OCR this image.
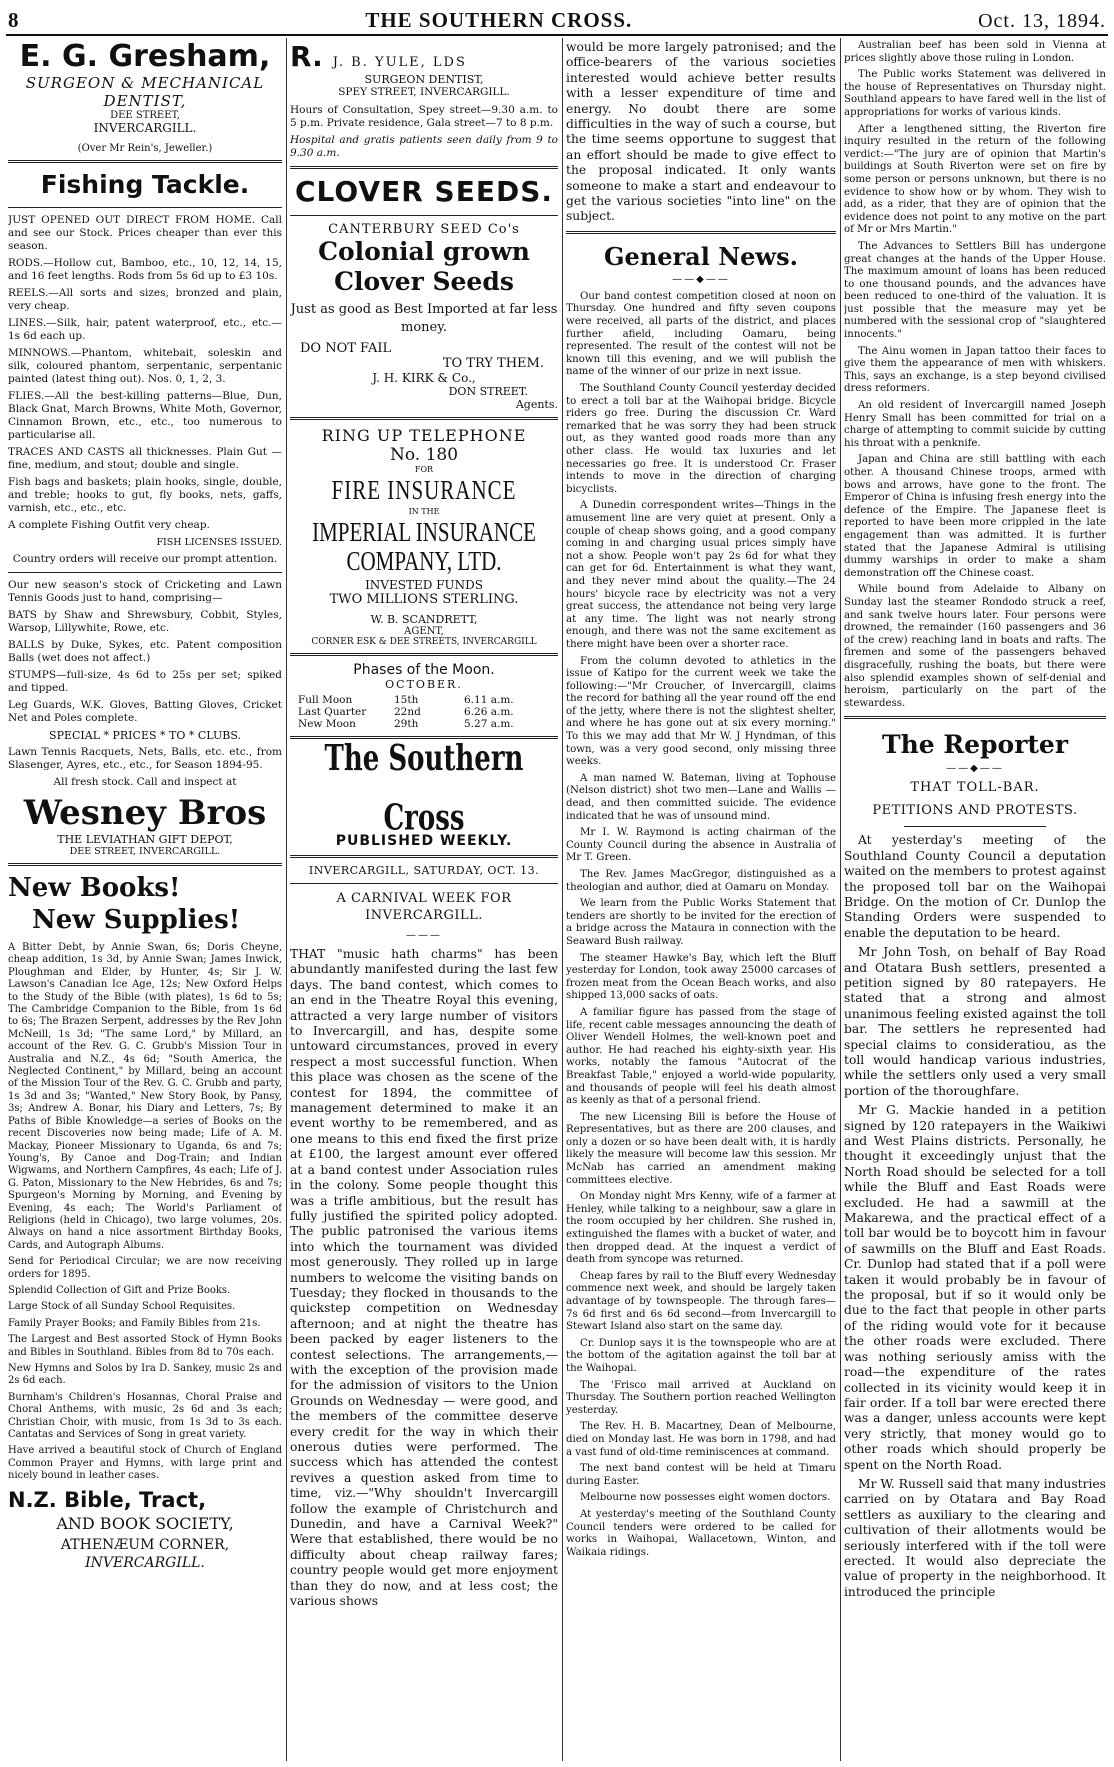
8	THE SOUTHERN CROSS.	Oct. 13, 1894.
E. G. Gresham,
SURGEON & MECHANICAL
DENTIST,
DEE STREET,
INVERCARGILL.
(Over Mr Rein's, Jeweller.)
Fishing Tackle.

JUST OPENED OUT DIRECT FROM HOME. Call and see our Stock. Prices cheaper than ever this season.

RODS.—Hollow cut, Bamboo, etc., 10, 12, 14, 15, and 16 feet lengths. Rods from 5s 6d up to £3 10s.

REELS.—All sorts and sizes, bronzed and plain, very cheap.

LINES.—Silk, hair, patent waterproof, etc., etc.—1s 6d each up.

MINNOWS.—Phantom, whitebait, soleskin and silk, coloured phantom, serpentanic, serpentanic painted (latest thing out). Nos. 0, 1, 2, 3.

FLIES.—All the best-killing patterns—Blue, Dun, Black Gnat, March Browns, White Moth, Governor, Cinnamon Brown, etc., etc., too numerous to particularise all.

TRACES AND CASTS all thicknesses. Plain Gut — fine, medium, and stout; double and single.

Fish bags and baskets; plain hooks, single, double, and treble; hooks to gut, fly books, nets, gaffs, varnish, etc., etc., etc.

A complete Fishing Outfit very cheap.

FISH LICENSES ISSUED.

Country orders will receive our prompt attention.

Our new season's stock of Cricketing and Lawn Tennis Goods just to hand, comprising—

BATS by Shaw and Shrewsbury, Cobbit, Styles, Warsop, Lillywhite, Rowe, etc.

BALLS by Duke, Sykes, etc. Patent composition Balls (wet does not affect.)

STUMPS—full-size, 4s 6d to 25s per set; spiked and tipped.

Leg Guards, W.K. Gloves, Batting Gloves, Cricket Net and Poles complete.

SPECIAL * PRICES * TO * CLUBS.

Lawn Tennis Racquets, Nets, Balls, etc. etc., from Slasenger, Ayres, etc., etc., for Season 1894-95.

All fresh stock. Call and inspect at

Wesney Bros
THE LEVIATHAN GIFT DEPOT,
DEE STREET, INVERCARGILL.
New Books!
New Supplies!

A Bitter Debt, by Annie Swan, 6s; Doris Cheyne, cheap addition, 1s 3d, by Annie Swan; James Inwick, Ploughman and Elder, by Hunter, 4s; Sir J. W. Lawson's Canadian Ice Age, 12s; New Oxford Helps to the Study of the Bible (with plates), 1s 6d to 5s; The Cambridge Companion to the Bible, from 1s 6d to 6s; The Brazen Serpent, addresses by the Rev John McNeill, 1s 3d; "The same Lord," by Millard, an account of the Rev. G. C. Grubb's Mission Tour in Australia and N.Z., 4s 6d; "South America, the Neglected Continent," by Millard, being an account of the Mission Tour of the Rev. G. C. Grubb and party, 1s 3d and 3s; "Wanted," New Story Book, by Pansy, 3s; Andrew A. Bonar, his Diary and Letters, 7s; By Paths of Bible Knowledge—a series of Books on the recent Discoveries now being made; Life of A. M. Mackay, Pioneer Missionary to Uganda, 6s and 7s; Young's, By Canoe and Dog-Train; and Indian Wigwams, and Northern Campfires, 4s each; Life of J. G. Paton, Missionary to the New Hebrides, 6s and 7s; Spurgeon's Morning by Morning, and Evening by Evening, 4s each; The World's Parliament of Religions (held in Chicago), two large volumes, 20s. Always on hand a nice assortment Birthday Books, Cards, and Autograph Albums.

Send for Periodical Circular; we are now receiving orders for 1895.

Splendid Collection of Gift and Prize Books.

Large Stock of all Sunday School Requisites.

Family Prayer Books; and Family Bibles from 21s.

The Largest and Best assorted Stock of Hymn Books and Bibles in Southland. Bibles from 8d to 70s each.

New Hymns and Solos by Ira D. Sankey, music 2s and 2s 6d each.

Burnham's Children's Hosannas, Choral Praise and Choral Anthems, with music, 2s 6d and 3s each; Christian Choir, with music, from 1s 3d to 3s each. Cantatas and Services of Song in great variety.

Have arrived a beautiful stock of Church of England Common Prayer and Hymns, with large print and nicely bound in leather cases.

N.Z. Bible, Tract,
AND BOOK SOCIETY,
ATHENÆUM CORNER,
INVERCARGILL.
R. J. B. YULE, LDS
SURGEON DENTIST,
SPEY STREET, INVERCARGILL.

Hours of Consultation, Spey street—9.30 a.m. to 5 p.m. Private residence, Gala street—7 to 8 p.m.

Hospital and gratis patients seen daily from 9 to 9.30 a.m.

CLOVER SEEDS.
CANTERBURY SEED Co's
Colonial grown
Clover Seeds

Just as good as Best Imported at far less money.

DO NOT FAIL
TO TRY THEM.
J. H. KIRK & Co.,
DON STREET.
Agents.
RING UP TELEPHONE
No. 180
FOR
FIRE INSURANCE
IN THE
IMPERIAL INSURANCE
COMPANY, LTD.
INVESTED FUNDS
TWO MILLIONS STERLING.
W. B. SCANDRETT,
AGENT,
CORNER ESK & DEE STREETS, INVERCARGILL
Phases of the Moon.
OCTOBER.
Full Moon	15th	6.11 a.m.
Last Quarter	22nd	6.26 a.m.
New Moon	29th	5.27 a.m.
The Southern Cross
PUBLISHED WEEKLY.
INVERCARGILL, SATURDAY, OCT. 13.
A CARNIVAL WEEK FOR INVERCARGILL.
———

THAT "music hath charms" has been abundantly manifested during the last few days. The band contest, which comes to an end in the Theatre Royal this evening, attracted a very large number of visitors to Invercargill, and has, despite some untoward circumstances, proved in every respect a most successful function. When this place was chosen as the scene of the contest for 1894, the committee of management determined to make it an event worthy to be remembered, and as one means to this end fixed the first prize at £100, the largest amount ever offered at a band contest under Association rules in the colony. Some people thought this was a trifle ambitious, but the result has fully justified the spirited policy adopted. The public patronised the various items into which the tournament was divided most generously. They rolled up in large numbers to welcome the visiting bands on Tuesday; they flocked in thousands to the quickstep competition on Wednesday afternoon; and at night the theatre has been packed by eager listeners to the contest selections. The arrangements,—with the exception of the provision made for the admission of visitors to the Union Grounds on Wednesday — were good, and the members of the committee deserve every credit for the way in which their onerous duties were performed. The success which has attended the contest revives a question asked from time to time, viz.—"Why shouldn't Invercargill follow the example of Christchurch and Dunedin, and have a Carnival Week?" Were that established, there would be no difficulty about cheap railway fares; country people would get more enjoyment than they do now, and at less cost; the various shows

would be more largely patronised; and the office-bearers of the various societies interested would achieve better results with a lesser expenditure of time and energy. No doubt there are some difficulties in the way of such a course, but the time seems opportune to suggest that an effort should be made to give effect to the proposal indicated. It only wants someone to make a start and endeavour to get the various societies "into line" on the subject.

General News.
——◆——

Our band contest competition closed at noon on Thursday. One hundred and fifty seven coupons were received, all parts of the district, and places further afield, including Oamaru, being represented. The result of the contest will not be known till this evening, and we will publish the name of the winner of our prize in next issue.

The Southland County Council yesterday decided to erect a toll bar at the Waihopai bridge. Bicycle riders go free. During the discussion Cr. Ward remarked that he was sorry they had been struck out, as they wanted good roads more than any other class. He would tax luxuries and let necessaries go free. It is understood Cr. Fraser intends to move in the direction of charging bicyclists.

A Dunedin correspondent writes—Things in the amusement line are very quiet at present. Only a couple of cheap shows going, and a good company coming in and charging usual prices simply have not a show. People won't pay 2s 6d for what they can get for 6d. Entertainment is what they want, and they never mind about the quality.—The 24 hours' bicycle race by electricity was not a very great success, the attendance not being very large at any time. The light was not nearly strong enough, and there was not the same excitement as there might have been over a shorter race.

From the column devoted to athletics in the issue of Katipo for the current week we take the following:—"Mr Croucher, of Invercargill, claims the record for bathing all the year round off the end of the jetty, where there is not the slightest shelter, and where he has gone out at six every morning." To this we may add that Mr W. J Hyndman, of this town, was a very good second, only missing three weeks.

A man named W. Bateman, living at Tophouse (Nelson district) shot two men—Lane and Wallis — dead, and then committed suicide. The evidence indicated that he was of unsound mind.

Mr I. W. Raymond is acting chairman of the County Council during the absence in Australia of Mr T. Green.

The Rev. James MacGregor, distinguished as a theologian and author, died at Oamaru on Monday.

We learn from the Public Works Statement that tenders are shortly to be invited for the erection of a bridge across the Mataura in connection with the Seaward Bush railway.

The steamer Hawke's Bay, which left the Bluff yesterday for London, took away 25000 carcases of frozen meat from the Ocean Beach works, and also shipped 13,000 sacks of oats.

A familiar figure has passed from the stage of life, recent cable messages announcing the death of Oliver Wendell Holmes, the well-known poet and author. He had reached his eighty-sixth year. His works, notably the famous "Autocrat of the Breakfast Table," enjoyed a world-wide popularity, and thousands of people will feel his death almost as keenly as that of a personal friend.

The new Licensing Bill is before the House of Representatives, but as there are 200 clauses, and only a dozen or so have been dealt with, it is hardly likely the measure will become law this session. Mr McNab has carried an amendment making committees elective.

On Monday night Mrs Kenny, wife of a farmer at Henley, while talking to a neighbour, saw a glare in the room occupied by her children. She rushed in, extinguished the flames with a bucket of water, and then dropped dead. At the inquest a verdict of death from syncope was returned.

Cheap fares by rail to the Bluff every Wednesday commence next week, and should be largely taken advantage of by townspeople. The through fares—7s 6d first and 6s 6d second—from Invercargill to Stewart Island also start on the same day.

Cr. Dunlop says it is the townspeople who are at the bottom of the agitation against the toll bar at the Waihopai.

The 'Frisco mail arrived at Auckland on Thursday. The Southern portion reached Wellington yesterday.

The Rev. H. B. Macartney, Dean of Melbourne, died on Monday last. He was born in 1798, and had a vast fund of old-time reminiscences at command.

The next band contest will be held at Timaru during Easter.

Melbourne now possesses eight women doctors.

At yesterday's meeting of the Southland County Council tenders were ordered to be called for works in Waihopai, Wallacetown, Winton, and Waikaia ridings.

Australian beef has been sold in Vienna at prices slightly above those ruling in London.

The Public works Statement was delivered in the house of Representatives on Thursday night. Southland appears to have fared well in the list of appropriations for works of various kinds.

After a lengthened sitting, the Riverton fire inquiry resulted in the return of the following verdict:—"The jury are of opinion that Martin's buildings at South Riverton were set on fire by some person or persons unknown, but there is no evidence to show how or by whom. They wish to add, as a rider, that they are of opinion that the evidence does not point to any motive on the part of Mr or Mrs Martin."

The Advances to Settlers Bill has undergone great changes at the hands of the Upper House. The maximum amount of loans has been reduced to one thousand pounds, and the advances have been reduced to one-third of the valuation. It is just possible that the measure may yet be numbered with the sessional crop of "slaughtered innocents."

The Ainu women in Japan tattoo their faces to give them the appearance of men with whiskers. This, says an exchange, is a step beyond civilised dress reformers.

An old resident of Invercargill named Joseph Henry Small has been committed for trial on a charge of attempting to commit suicide by cutting his throat with a penknife.

Japan and China are still battling with each other. A thousand Chinese troops, armed with bows and arrows, have gone to the front. The Emperor of China is infusing fresh energy into the defence of the Empire. The Japanese fleet is reported to have been more crippled in the late engagement than was admitted. It is further stated that the Japanese Admiral is utilising dummy warships in order to make a sham demonstration off the Chinese coast.

While bound from Adelaide to Albany on Sunday last the steamer Rondodo struck a reef, and sank twelve hours later. Four persons were drowned, the remainder (160 passengers and 36 of the crew) reaching land in boats and rafts. The firemen and some of the passengers behaved disgracefully, rushing the boats, but there were also splendid examples shown of self-denial and heroism, particularly on the part of the stewardess.

The Reporter
——◆——
THAT TOLL-BAR.
PETITIONS AND PROTESTS.

At yesterday's meeting of the Southland County Council a deputation waited on the members to protest against the proposed toll bar on the Waihopai Bridge. On the motion of Cr. Dunlop the Standing Orders were suspended to enable the deputation to be heard.

Mr John Tosh, on behalf of Bay Road and Otatara Bush settlers, presented a petition signed by 80 ratepayers. He stated that a strong and almost unanimous feeling existed against the toll bar. The settlers he represented had special claims to consideratiou, as the toll would handicap various industries, while the settlers only used a very small portion of the thoroughfare.

Mr G. Mackie handed in a petition signed by 120 ratepayers in the Waikiwi and West Plains districts. Personally, he thought it exceedingly unjust that the North Road should be selected for a toll while the Bluff and East Roads were excluded. He had a sawmill at the Makarewa, and the practical effect of a toll bar would be to boycott him in favour of sawmills on the Bluff and East Roads. Cr. Dunlop had stated that if a poll were taken it would probably be in favour of the proposal, but if so it would only be due to the fact that people in other parts of the riding would vote for it because the other roads were excluded. There was nothing seriously amiss with the road—the expenditure of the rates collected in its vicinity would keep it in fair order. If a toll bar were erected there was a danger, unless accounts were kept very strictly, that money would go to other roads which should properly be spent on the North Road.

Mr W. Russell said that many industries carried on by Otatara and Bay Road settlers as auxiliary to the clearing and cultivation of their allotments would be seriously interfered with if the toll were erected. It would also depreciate the value of property in the neighborhood. It introduced the principle
